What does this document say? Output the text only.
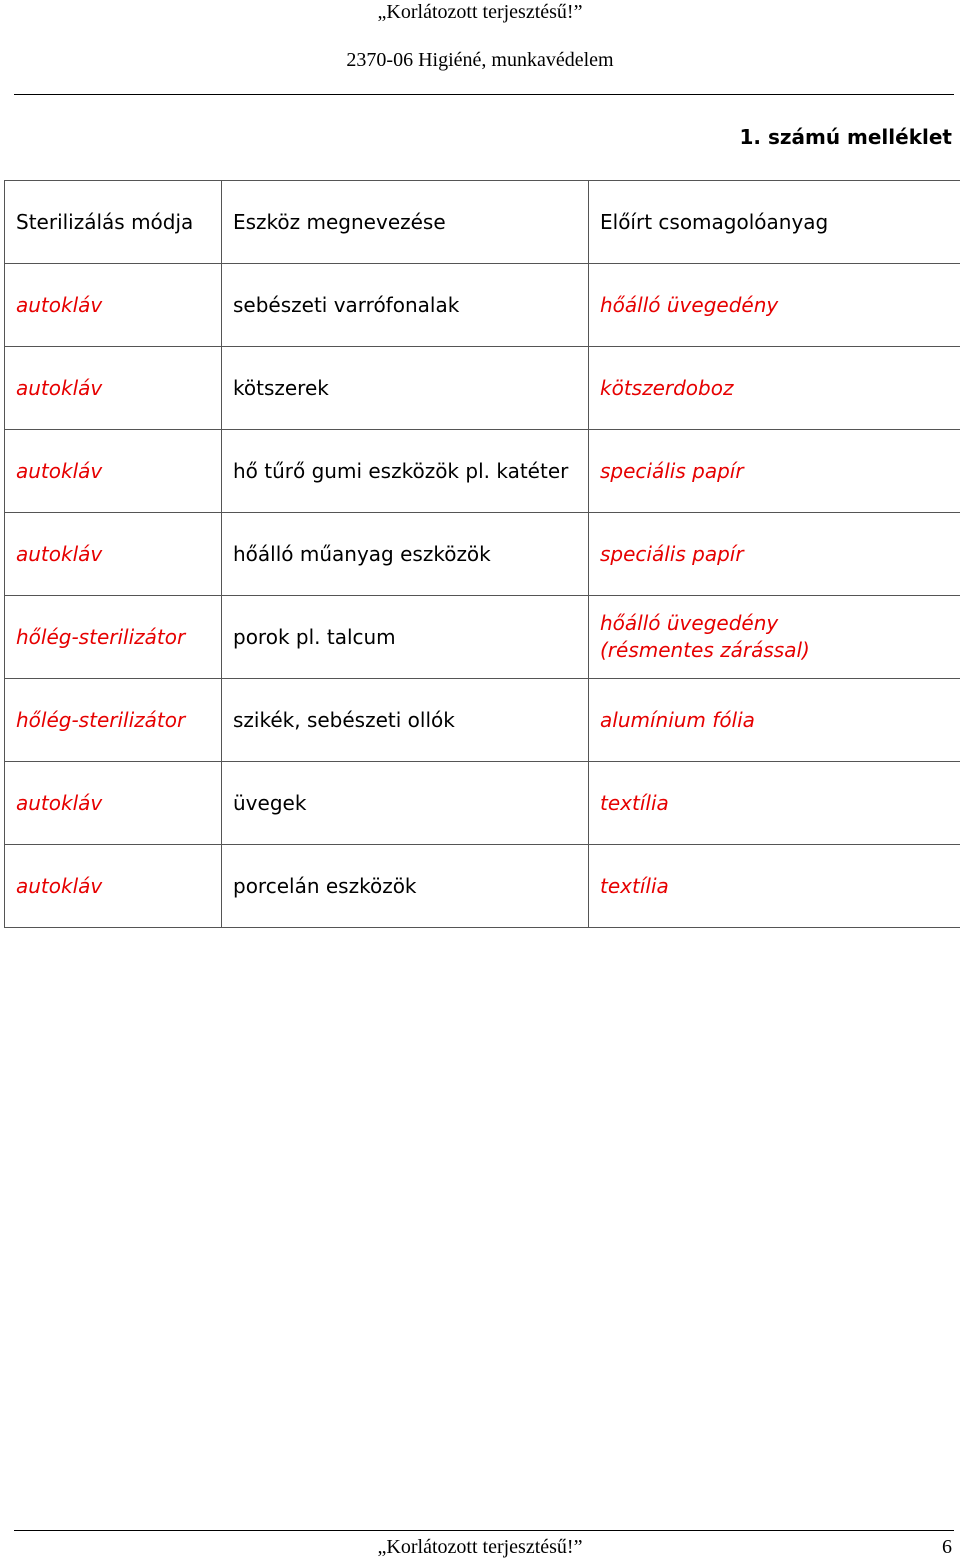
„Korlátozott terjesztésű!”
2370-06 Higiéné, munkavédelem
1. számú melléklet
Sterilizálás módja	Eszköz megnevezése	Előírt csomagolóanyag
autokláv	sebészeti varrófonalak	hőálló üvegedény
autokláv	kötszerek	kötszerdoboz
autokláv	hő tűrő gumi eszközök pl. katéter	speciális papír
autokláv	hőálló műanyag eszközök	speciális papír
hőlég-sterilizátor	porok pl. talcum	hőálló üvegedény
(résmentes zárással)
hőlég-sterilizátor	szikék, sebészeti ollók	alumínium fólia
autokláv	üvegek	textília
autokláv	porcelán eszközök	textília
„Korlátozott terjesztésű!”	6
